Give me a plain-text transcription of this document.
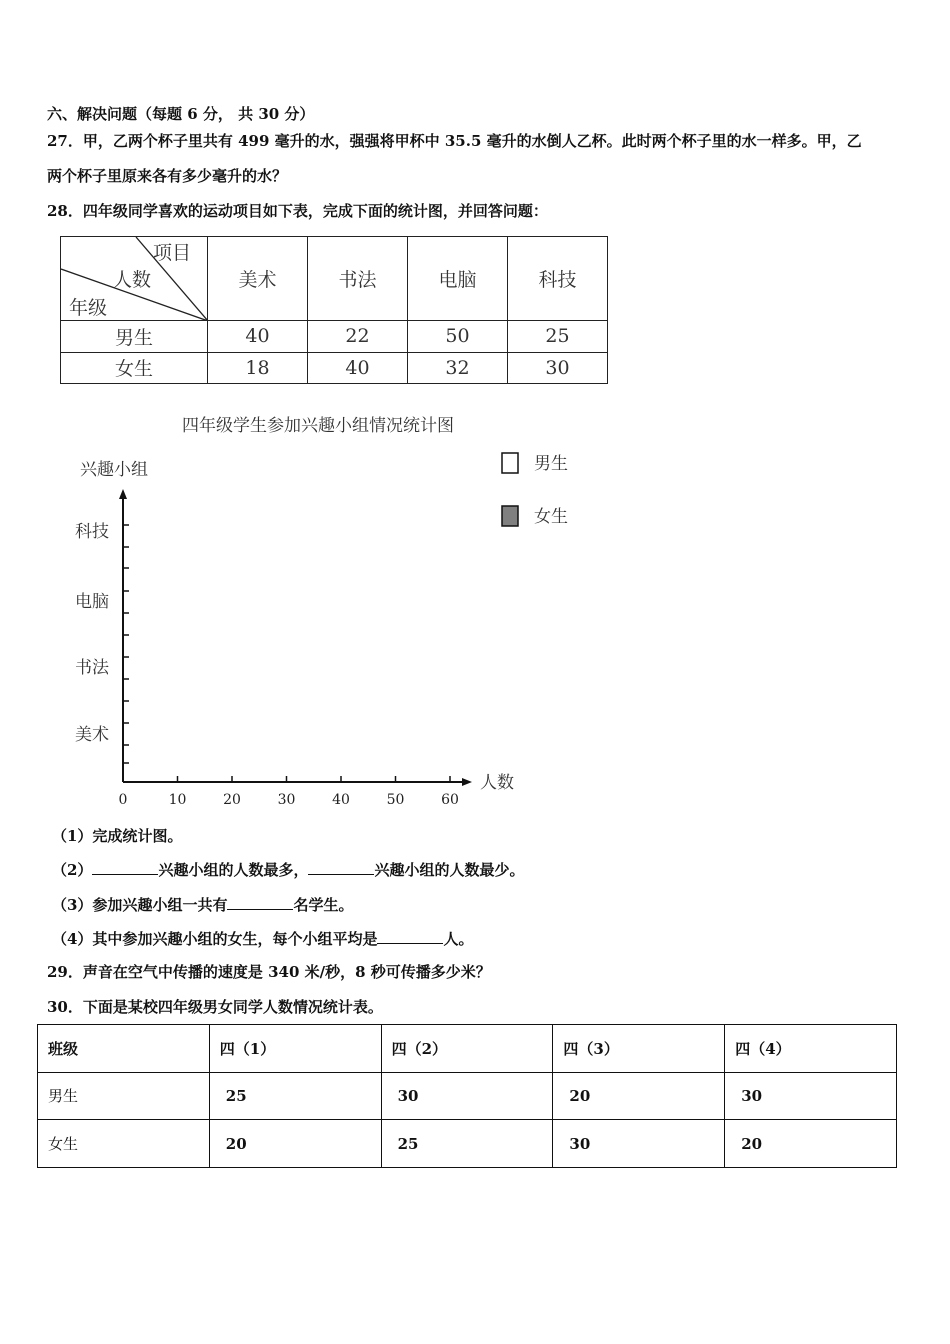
六、解决问题（每题 6 分， 共 30 分）
27．甲，乙两个杯子里共有 499 毫升的水，强强将甲杯中 35.5 毫升的水倒人乙杯。此时两个杯子里的水一样多。甲，乙
两个杯子里原来各有多少毫升的水？
28．四年级同学喜欢的运动项目如下表，完成下面的统计图，并回答问题：
项目
人数
年级	美术	书法	电脑	科技
男生	40	22	50	25
女生	18	40	32	30
四年级学生参加兴趣小组情况统计图
兴趣小组
0	10	20	30	40	50	60
人数
美术
书法
电脑
科技
男生
女生
（1）完成统计图。
（2）	兴趣小组的人数最多，	兴趣小组的人数最少。
（3）参加兴趣小组一共有	名学生。
（4）其中参加兴趣小组的女生，每个小组平均是	人。
29．声音在空气中传播的速度是 340 米/秒，8 秒可传播多少米？
30．下面是某校四年级男女同学人数情况统计表。
班级	四（1）	四（2）	四（3）	四（4）
男生	25	30	20	30
女生	20	25	30	20
